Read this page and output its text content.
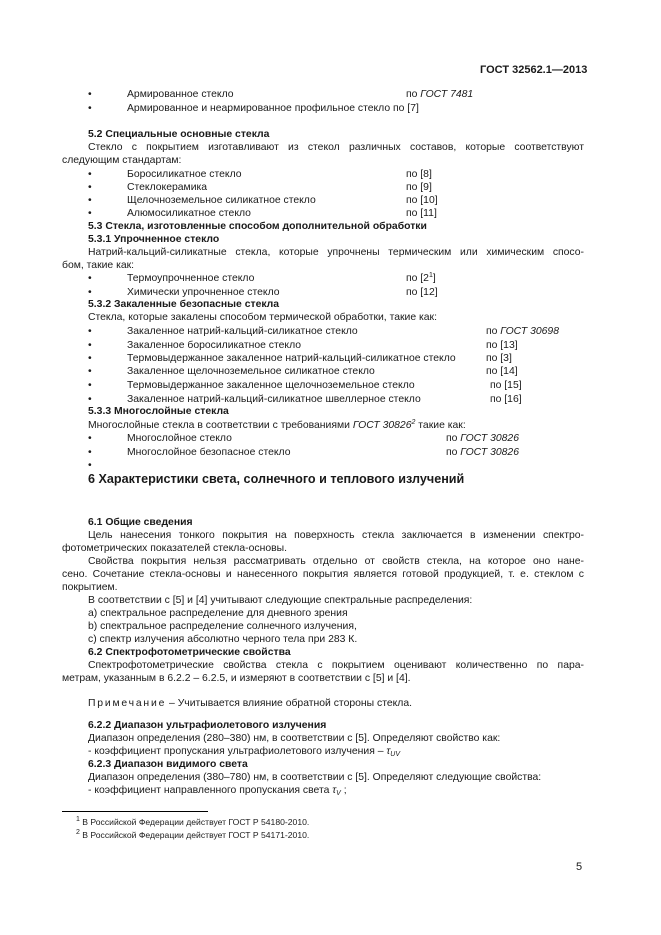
ГОСТ 32562.1—2013
•	Армированное стекло	по ГОСТ 7481
•	Армированное и неармированное профильное стекло по [7]
5.2 Специальные основные стекла
Стекло с покрытием изготавливают из стекол различных составов, которые соответствуют
следующим стандартам:
•	Боросиликатное стекло	по [8]
•	Стеклокерамика	по [9]
•	Щелочноземельное силикатное стекло	по [10]
•	Алюмосиликатное стекло	по [11]
5.3 Стекла, изготовленные способом дополнительной обработки
5.3.1 Упрочненное стекло
Натрий-кальций-силикатные стекла, которые упрочнены термическим или химическим спосо-
бом, такие как:
•	Термоупрочненное стекло	по $[2^1]$
•	Химически упрочненное стекло	по [12]
5.3.2 Закаленные безопасные стекла
Стекла, которые закалены способом термической обработки, такие как:
•	Закаленное натрий-кальций-силикатное стекло	по ГОСТ 30698
•	Закаленное боросиликатное стекло	по [13]
•	Термовыдержанное закаленное натрий-кальций-силикатное стекло	по [3]
•	Закаленное щелочноземельное силикатное стекло	по [14]
•	Термовыдержанное закаленное щелочноземельное стекло	по [15]
•	Закаленное натрий-кальций-силикатное швеллерное стекло	по [16]
5.3.3 Многослойные стекла
Многослойные стекла в соответствии с требованиями ГОСТ 30826$^2$ такие как:
•	Многослойное стекло	по ГОСТ 30826
•	Многослойное безопасное стекло	по ГОСТ 30826
•
6 Характеристики света, солнечного и теплового излучений
6.1 Общие сведения
Цель нанесения тонкого покрытия на поверхность стекла заключается в изменении спектро-
фотометрических показателей стекла-основы.
Свойства покрытия нельзя рассматривать отдельно от свойств стекла, на которое оно нане-
сено. Сочетание стекла-основы и нанесенного покрытия является готовой продукцией, т. е. стеклом с
покрытием.
В соответствии с [5] и [4] учитывают следующие спектральные распределения:
а) спектральное распределение для дневного зрения
b) спектральное распределение солнечного излучения,
с) спектр излучения абсолютно черного тела при 283 К.
6.2 Спектрофотометрические свойства
Спектрофотометрические свойства стекла с покрытием оценивают количественно по пара-
метрам, указанным в 6.2.2 – 6.2.5, и измеряют в соответствии с [5] и [4].
Примечание – Учитывается влияние обратной стороны стекла.
6.2.2 Диапазон ультрафиолетового излучения
Диапазон определения (280–380) нм, в соответствии с [5]. Определяют свойство как:
- коэффициент пропускания ультрафиолетового излучения – $\tau_{UV}$
6.2.3 Диапазон видимого света
Диапазон определения (380–780) нм, в соответствии с [5]. Определяют следующие свойства:
- коэффициент направленного пропускания света $\tau_V$ ;
$^1$ В Российской Федерации действует ГОСТ Р 54180-2010.
$^2$ В Российской Федерации действует ГОСТ Р 54171-2010.
5
